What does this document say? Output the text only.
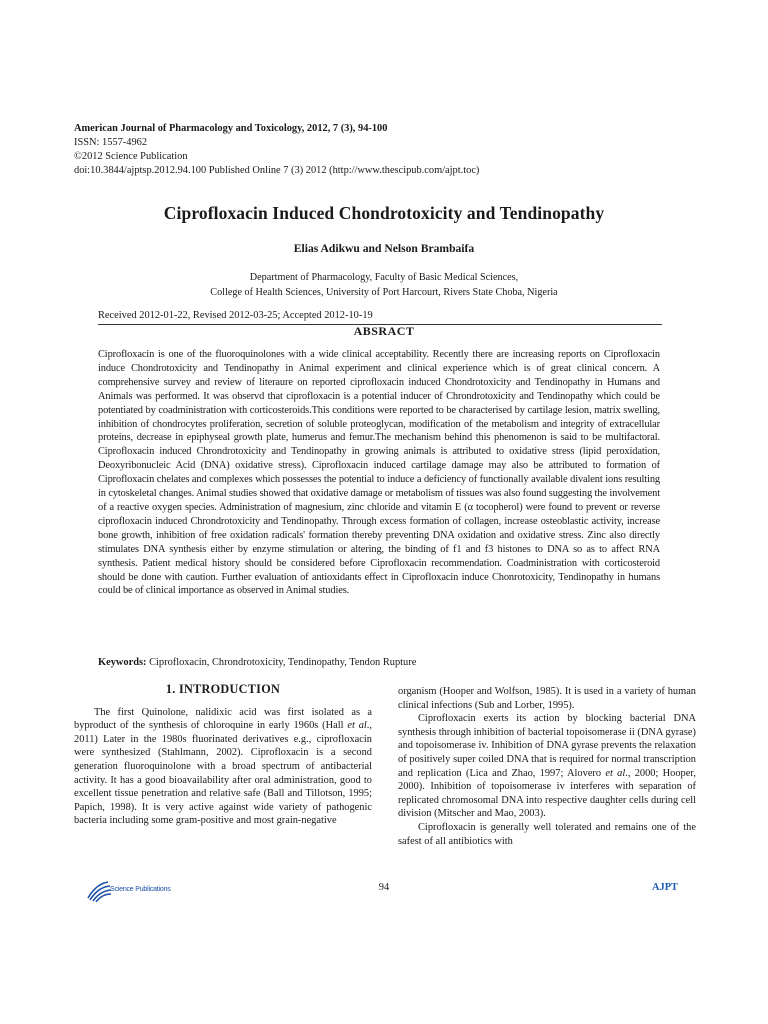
American Journal of Pharmacology and Toxicology, 2012, 7 (3), 94-100
ISSN: 1557-4962
©2012 Science Publication
doi:10.3844/ajptsp.2012.94.100 Published Online 7 (3) 2012 (http://www.thescipub.com/ajpt.toc)
Ciprofloxacin Induced Chondrotoxicity and Tendinopathy
Elias Adikwu and Nelson Brambaifa
Department of Pharmacology, Faculty of Basic Medical Sciences,
College of Health Sciences, University of Port Harcourt, Rivers State Choba, Nigeria
Received 2012-01-22, Revised 2012-03-25; Accepted 2012-10-19
ABSRACT
Ciprofloxacin is one of the fluoroquinolones with a wide clinical acceptability. Recently there are increasing reports on Ciprofloxacin induce Chondrotoxicity and Tendinopathy in Animal experiment and clinical experience which is of great clinical concern. A comprehensive survey and review of literaure on reported ciprofloxacin induced Chondrotoxicity and Tendinopathy in Humans and Animals was performed. It was observd that ciprofloxacin is a potential inducer of Chrondrotoxicity and Tendinopathy which could be potentiated by coadministration with corticosteroids.This conditions were reported to be characterised by cartilage lesion, matrix swelling, inhibition of chondrocytes proliferation, secretion of soluble proteoglycan, modification of the metabolism and integrity of extracellular proteins, decrease in epiphyseal growth plate, humerus and femur.The mechanism behind this phenomenon is said to be multifactoral. Ciprofloxacin induced Chrondrotoxicity and Tendinopathy in growing animals is attributed to oxidative stress (lipid peroxidation, Deoxyribonucleic Acid (DNA) oxidative stress). Ciprofloxacin induced cartilage damage may also be attributed to formation of Ciprofloxacin chelates and complexes which possesses the potential to induce a deficiency of functionally available divalent ions resulting in cytoskeletal changes. Animal studies showed that oxidative damage or metabolism of tissues was also found suggesting the involvement of a reactive oxygen species. Administration of magnesium, zinc chloride and vitamin E (α tocopherol) were found to prevent or reverse ciprofloxacin induced Chrondrotoxicity and Tendinopathy. Through excess formation of collagen, increase osteoblastic activity, increase bone growth, inhibition of free oxidation radicals' formation thereby preventing DNA oxidation and oxidative stress. Zinc also directly stimulates DNA synthesis either by enzyme stimulation or altering, the binding of f1 and f3 histones to DNA so as to affect RNA synthesis. Patient medical history should be considered before Ciprofloxacin recommendation. Coadministration with corticosteroid should be done with caution. Further evaluation of antioxidants effect in Ciprofloxacin induce Chonrotoxicity, Tendinopathy in humans could be of clinical importance as observed in Animal studies.
Keywords: Ciprofloxacin, Chrondrotoxicity, Tendinopathy, Tendon Rupture
1. INTRODUCTION

The first Quinolone, nalidixic acid was first isolated as a byproduct of the synthesis of chloroquine in early 1960s (Hall et al., 2011) Later in the 1980s fluorinated derivatives e.g., ciprofloxacin were synthesized (Stahlmann, 2002). Ciprofloxacin is a second generation fluoroquinolone with a broad spectrum of antibacterial activity. It has a good bioavailability after oral administration, good to excellent tissue penetration and relative safe (Ball and Tillotson, 1995; Papich, 1998). It is very active against wide variety of pathogenic bacteria including some gram-positive and most grain-negative

organism (Hooper and Wolfson, 1985). It is used in a variety of human clinical infections (Sub and Lorber, 1995).

Ciprofloxacin exerts its action by blocking bacterial DNA synthesis through inhibition of bacterial topoisomerase ii (DNA gyrase) and topoisomerase iv. Inhibition of DNA gyrase prevents the relaxation of positively super coiled DNA that is required for normal transcription and replication (Lica and Zhao, 1997; Alovero et al., 2000; Hooper, 2000). Inhibition of topoisomerase iv interferes with separation of replicated chromosomal DNA into respective daughter cells during cell division (Mitscher and Mao, 2003).

Ciprofloxacin is generally well tolerated and remains one of the safest of all antibiotics with

Science Publications	94	AJPT
